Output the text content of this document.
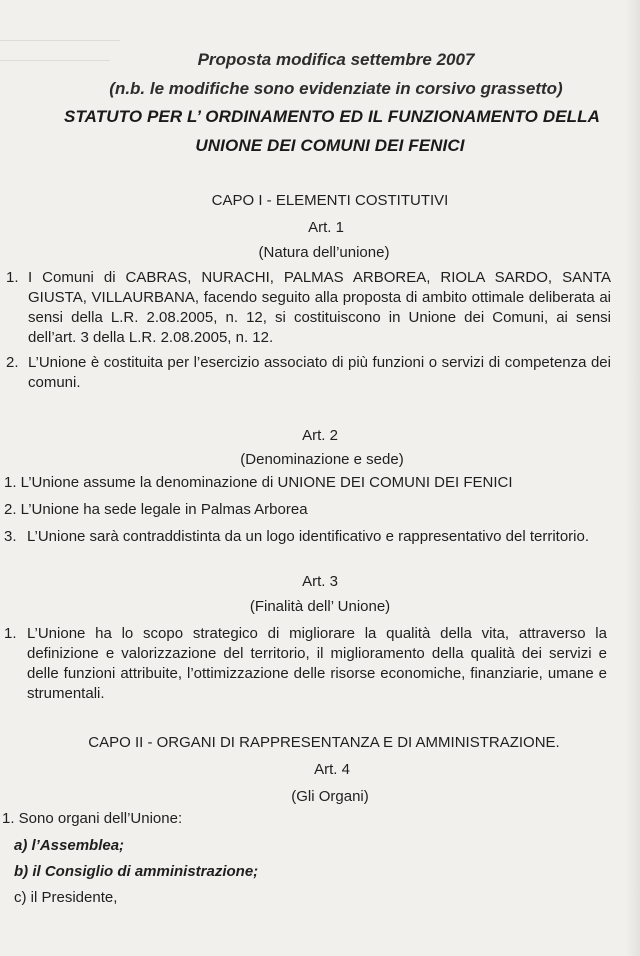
Proposta modifica settembre 2007
(n.b. le modifiche sono evidenziate in corsivo grassetto)
STATUTO PER L’ ORDINAMENTO ED IL FUNZIONAMENTO DELLA
UNIONE DEI COMUNI DEI FENICI
CAPO I - ELEMENTI COSTITUTIVI
Art. 1
(Natura dell’unione)
1. I Comuni di CABRAS, NURACHI, PALMAS ARBOREA, RIOLA SARDO, SANTA GIUSTA, VILLAURBANA, facendo seguito alla proposta di ambito ottimale deliberata ai sensi della L.R. 2.08.2005, n. 12, si costituiscono in Unione dei Comuni, ai sensi dell’art. 3 della L.R. 2.08.2005, n. 12.
2. L’Unione è costituita per l’esercizio associato di più funzioni o servizi di competenza dei comuni.
Art. 2
(Denominazione e sede)
1. L’Unione assume la denominazione di UNIONE DEI COMUNI DEI FENICI
2. L’Unione ha sede legale in Palmas Arborea
3. L’Unione sarà contraddistinta da un logo identificativo e rappresentativo del territorio.
Art. 3
(Finalità dell’ Unione)
1. L’Unione ha lo scopo strategico di migliorare la qualità della vita, attraverso la definizione e valorizzazione del territorio, il miglioramento della qualità dei servizi e delle funzioni attribuite, l’ottimizzazione delle risorse economiche, finanziarie, umane e strumentali.
CAPO II - ORGANI DI RAPPRESENTANZA E DI AMMINISTRAZIONE.
Art. 4
(Gli Organi)
1. Sono organi dell’Unione:
a) l’Assemblea;
b) il Consiglio di amministrazione;
c) il Presidente,
